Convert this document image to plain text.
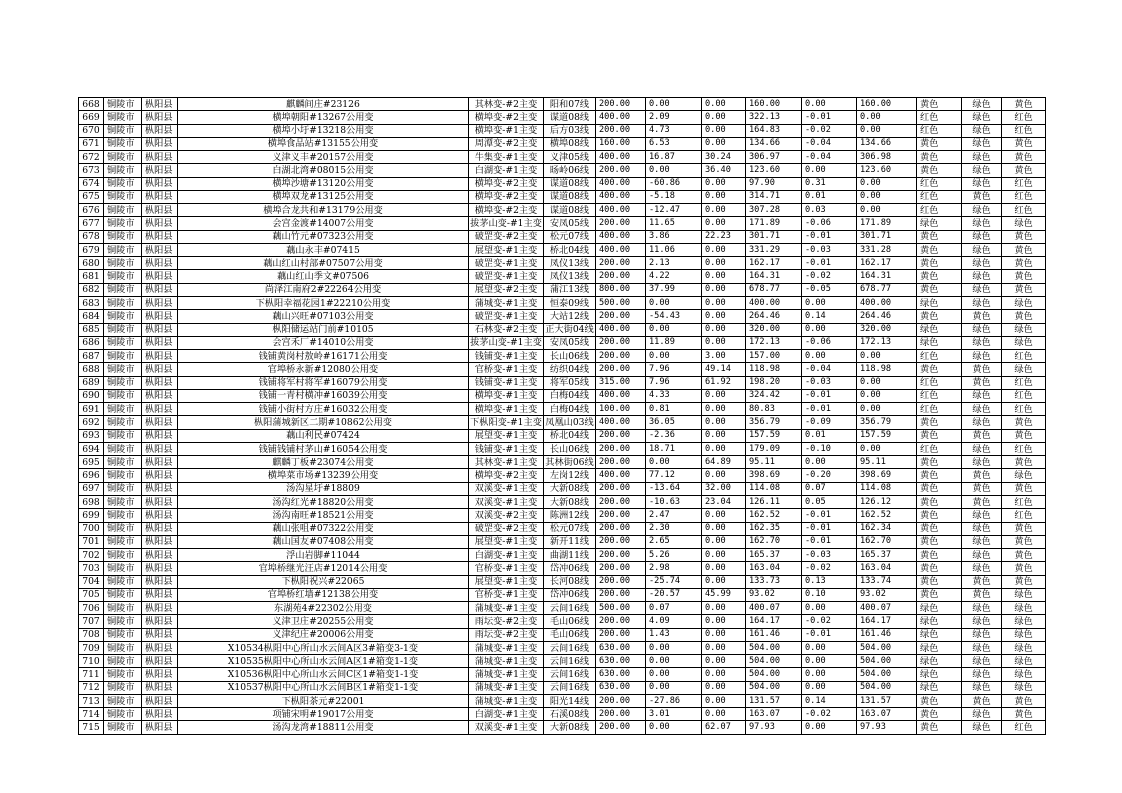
668	铜陵市	枞阳县	麒麟间庄#23126	其林变-#2主变	阳和07线	200.00	0.00	0.00	160.00	0.00	160.00	黄色	绿色	黄色
669	铜陵市	枞阳县	横埠朝阳#13267公用变	横埠变-#2主变	谋道08线	400.00	2.09	0.00	322.13	-0.01	0.00	红色	绿色	红色
670	铜陵市	枞阳县	横埠小圩#13218公用变	横埠变-#1主变	后方03线	200.00	4.73	0.00	164.83	-0.02	0.00	红色	绿色	红色
671	铜陵市	枞阳县	横埠食品站#13155公用变	周潭变-#2主变	横埠08线	160.00	6.53	0.00	134.66	-0.04	134.66	黄色	绿色	黄色
672	铜陵市	枞阳县	义津义丰#20157公用变	牛集变-#1主变	义津05线	400.00	16.87	30.24	306.97	-0.04	306.98	黄色	绿色	黄色
673	铜陵市	枞阳县	白湖北湾#08015公用变	白湖变-#1主变	旸岭06线	200.00	0.00	36.40	123.60	0.00	123.60	黄色	绿色	黄色
674	铜陵市	枞阳县	横埠沙塘#13120公用变	横埠变-#2主变	谋道08线	400.00	-60.86	0.00	97.90	0.31	0.00	红色	绿色	红色
675	铜陵市	枞阳县	横埠双龙#13125公用变	横埠变-#2主变	谋道08线	400.00	-5.18	0.00	314.71	0.01	0.00	红色	黄色	红色
676	铜陵市	枞阳县	横埠合龙共和#13179公用变	横埠变-#2主变	谋道08线	400.00	-12.47	0.00	307.28	0.03	0.00	红色	绿色	红色
677	铜陵市	枞阳县	会宫金渡#14007公用变	拔茅山变-#1主变	安凤05线	200.00	11.65	0.00	171.89	-0.06	171.89	绿色	绿色	绿色
678	铜陵市	枞阳县	藕山竹元#07323公用变	破罡变-#2主变	松元07线	400.00	3.86	22.23	301.71	-0.01	301.71	黄色	绿色	黄色
679	铜陵市	枞阳县	藕山永丰#07415	展望变-#1主变	桥北04线	400.00	11.06	0.00	331.29	-0.03	331.28	黄色	绿色	黄色
680	铜陵市	枞阳县	藕山红山村部#07507公用变	破罡变-#1主变	凤仪13线	200.00	2.13	0.00	162.17	-0.01	162.17	黄色	绿色	黄色
681	铜陵市	枞阳县	藕山红山季文#07506	破罡变-#1主变	凤仪13线	200.00	4.22	0.00	164.31	-0.02	164.31	黄色	绿色	黄色
682	铜陵市	枞阳县	尚泽江南府2#22264公用变	展望变-#2主变	蒲江13线	800.00	37.99	0.00	678.77	-0.05	678.77	黄色	绿色	黄色
683	铜陵市	枞阳县	下枞阳幸福花园1#22210公用变	蒲城变-#1主变	恒泰09线	500.00	0.00	0.00	400.00	0.00	400.00	绿色	绿色	绿色
684	铜陵市	枞阳县	藕山兴旺#07103公用变	破罡变-#1主变	大站12线	200.00	-54.43	0.00	264.46	0.14	264.46	黄色	黄色	黄色
685	铜陵市	枞阳县	枞阳储运站门前#10105	石林变-#2主变	正大街04线	400.00	0.00	0.00	320.00	0.00	320.00	绿色	绿色	绿色
686	铜陵市	枞阳县	会宫禾厂#14010公用变	拔茅山变-#1主变	安凤05线	200.00	11.89	0.00	172.13	-0.06	172.13	绿色	绿色	绿色
687	铜陵市	枞阳县	钱铺黄岗村敖岭#16171公用变	钱铺变-#1主变	长山06线	200.00	0.00	3.00	157.00	0.00	0.00	红色	绿色	红色
688	铜陵市	枞阳县	官埠桥永新#12080公用变	官桥变-#1主变	纺织04线	200.00	7.96	49.14	118.98	-0.04	118.98	黄色	黄色	绿色
689	铜陵市	枞阳县	钱铺将军村将军#16079公用变	钱铺变-#1主变	将军05线	315.00	7.96	61.92	198.20	-0.03	0.00	红色	黄色	红色
690	铜陵市	枞阳县	钱铺一青村横冲#16039公用变	横埠变-#1主变	白梅04线	400.00	4.33	0.00	324.42	-0.01	0.00	红色	绿色	红色
691	铜陵市	枞阳县	钱铺小街村方庄#16032公用变	横埠变-#1主变	白梅04线	100.00	0.81	0.00	80.83	-0.01	0.00	红色	绿色	红色
692	铜陵市	枞阳县	枞阳蒲城新区二期#10862公用变	下枞阳变-#1主变	凤凰山03线	400.00	36.05	0.00	356.79	-0.09	356.79	黄色	绿色	黄色
693	铜陵市	枞阳县	藕山利民#07424	展望变-#1主变	桥北04线	200.00	-2.36	0.00	157.59	0.01	157.59	黄色	黄色	黄色
694	铜陵市	枞阳县	钱铺钱铺村茅山#16054公用变	钱铺变-#1主变	长山06线	200.00	18.71	0.00	179.09	-0.10	0.00	红色	绿色	红色
695	铜陵市	枞阳县	麒麟丁板#23074公用变	其林变-#1主变	其林街06线	200.00	0.00	64.89	95.11	0.00	95.11	黄色	绿色	黄色
696	铜陵市	枞阳县	横埠菜市场#13239公用变	横埠变-#2主变	左岗12线	400.00	77.12	0.00	398.69	-0.20	398.69	黄色	黄色	绿色
697	铜陵市	枞阳县	汤沟星圩#18809	双溪变-#1主变	大新08线	200.00	-13.64	32.00	114.08	0.07	114.08	黄色	黄色	黄色
698	铜陵市	枞阳县	汤沟红光#18820公用变	双溪变-#1主变	大新08线	200.00	-10.63	23.04	126.11	0.05	126.12	黄色	黄色	红色
699	铜陵市	枞阳县	汤沟南旺#18521公用变	双溪变-#2主变	陈洲12线	200.00	2.47	0.00	162.52	-0.01	162.52	黄色	绿色	红色
700	铜陵市	枞阳县	藕山张咀#07322公用变	破罡变-#2主变	松元07线	200.00	2.30	0.00	162.35	-0.01	162.34	黄色	绿色	黄色
701	铜陵市	枞阳县	藕山国友#07408公用变	展望变-#1主变	新开11线	200.00	2.65	0.00	162.70	-0.01	162.70	黄色	绿色	黄色
702	铜陵市	枞阳县	浮山岩脚#11044	白湖变-#1主变	曲湖11线	200.00	5.26	0.00	165.37	-0.03	165.37	黄色	绿色	黄色
703	铜陵市	枞阳县	官埠桥继光汪店#12014公用变	官桥变-#1主变	岱冲06线	200.00	2.98	0.00	163.04	-0.02	163.04	黄色	绿色	黄色
704	铜陵市	枞阳县	下枞阳祝兴#22065	展望变-#1主变	长河08线	200.00	-25.74	0.00	133.73	0.13	133.74	黄色	黄色	黄色
705	铜陵市	枞阳县	官埠桥红墙#12138公用变	官桥变-#1主变	岱冲06线	200.00	-20.57	45.99	93.02	0.10	93.02	黄色	黄色	绿色
706	铜陵市	枞阳县	东湖苑4#22302公用变	蒲城变-#1主变	云间16线	500.00	0.07	0.00	400.07	0.00	400.07	绿色	绿色	绿色
707	铜陵市	枞阳县	义津卫庄#20255公用变	雨坛变-#2主变	毛山06线	200.00	4.09	0.00	164.17	-0.02	164.17	绿色	绿色	绿色
708	铜陵市	枞阳县	义津纪庄#20006公用变	雨坛变-#2主变	毛山06线	200.00	1.43	0.00	161.46	-0.01	161.46	绿色	绿色	绿色
709	铜陵市	枞阳县	X10534枞阳中心所山水云间A区3#箱变3-1变	蒲城变-#1主变	云间16线	630.00	0.00	0.00	504.00	0.00	504.00	绿色	绿色	绿色
710	铜陵市	枞阳县	X10535枞阳中心所山水云间A区1#箱变1-1变	蒲城变-#1主变	云间16线	630.00	0.00	0.00	504.00	0.00	504.00	绿色	绿色	绿色
711	铜陵市	枞阳县	X10536枞阳中心所山水云间C区1#箱变1-1变	蒲城变-#1主变	云间16线	630.00	0.00	0.00	504.00	0.00	504.00	绿色	绿色	绿色
712	铜陵市	枞阳县	X10537枞阳中心所山水云间B区1#箱变1-1变	蒲城变-#1主变	云间16线	630.00	0.00	0.00	504.00	0.00	504.00	绿色	绿色	绿色
713	铜陵市	枞阳县	下枞阳茶元#22001	蒲城变-#1主变	阳光14线	200.00	-27.86	0.00	131.57	0.14	131.57	黄色	黄色	黄色
714	铜陵市	枞阳县	项铺宋明#19017公用变	白湖变-#1主变	石溪08线	200.00	3.01	0.00	163.07	-0.02	163.07	黄色	绿色	黄色
715	铜陵市	枞阳县	汤沟龙湾#18811公用变	双溪变-#1主变	大新08线	200.00	0.00	62.07	97.93	0.00	97.93	黄色	绿色	红色
